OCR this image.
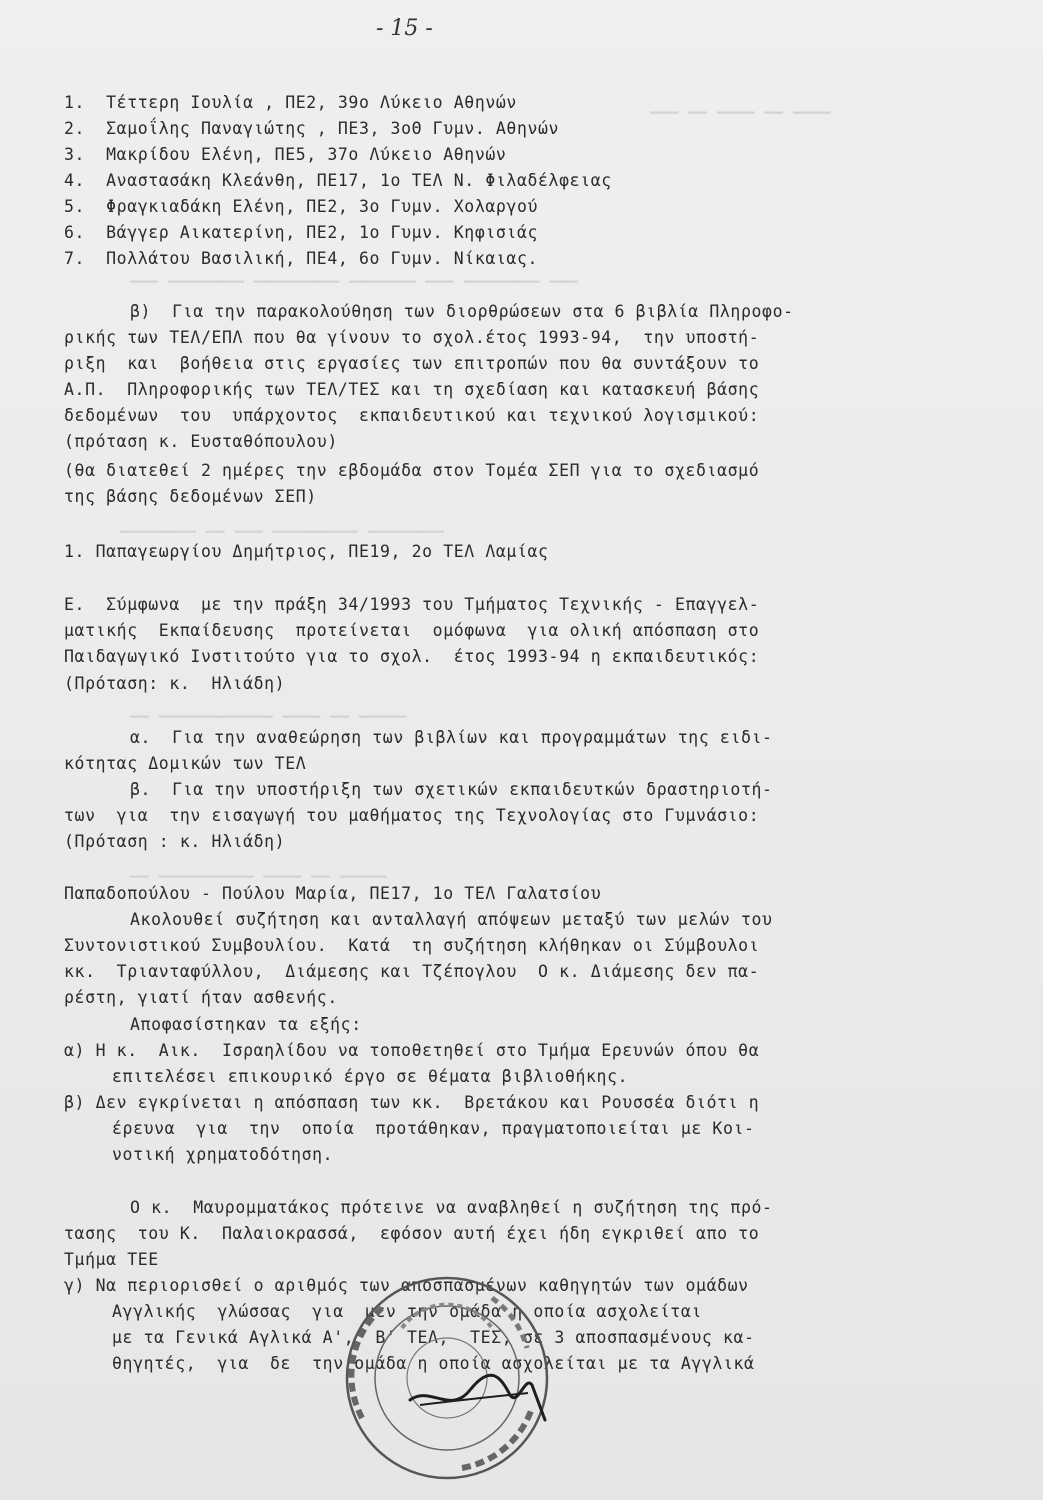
- 15 -
▁▁▁ ▁▁ ▁▁▁▁ ▁▁ ▁▁▁▁
▁▁▁ ▁▁▁▁▁▁▁▁ ▁▁▁▁▁▁▁▁▁ ▁▁▁▁▁▁▁ ▁▁▁ ▁▁▁▁▁▁▁▁ ▁▁▁
▁▁▁▁▁▁▁▁ ▁▁ ▁▁▁ ▁▁▁▁▁▁▁▁▁ ▁▁▁▁▁▁▁▁
▁▁ ▁▁▁▁▁▁▁▁▁▁▁▁ ▁▁▁▁ ▁▁ ▁▁▁▁▁
▁▁ ▁▁▁▁▁▁▁▁▁▁ ▁▁▁▁ ▁▁ ▁▁▁▁▁
1.  Τέττερη Ιουλία , ΠΕ2, 39ο Λύκειο Αθηνών
2.  Σαμοΐλης Παναγιώτης , ΠΕ3, 3οΘ Γυμν. Αθηνών
3.  Μακρίδου Ελένη, ΠΕ5, 37ο Λύκειο Αθηνών
4.  Αναστασάκη Κλεάνθη, ΠΕ17, 1ο ΤΕΛ Ν. Φιλαδέλφειας
5.  Φραγκιαδάκη Ελένη, ΠΕ2, 3ο Γυμν. Χολαργού
6.  Βάγγερ Αικατερίνη, ΠΕ2, 1ο Γυμν. Κηφισιάς
7.  Πολλάτου Βασιλική, ΠΕ4, 6ο Γυμν. Νίκαιας.
β)  Για την παρακολούθηση των διορθρώσεων στα 6 βιβλία Πληροφο-
ρικής των ΤΕΛ/ΕΠΛ που θα γίνουν το σχολ.έτος 1993-94,  την υποστή-
ριξη  και  βοήθεια στις εργασίες των επιτροπών που θα συντάξουν το
Α.Π.  Πληροφορικής των ΤΕΛ/ΤΕΣ και τη σχεδίαση και κατασκευή βάσης
δεδομένων  του  υπάρχοντος  εκπαιδευτικού και τεχνικού λογισμικού:
(πρόταση κ. Ευσταθόπουλου)
(θα διατεθεί 2 ημέρες την εβδομάδα στον Τομέα ΣΕΠ για το σχεδιασμό
της βάσης δεδομένων ΣΕΠ)
1. Παπαγεωργίου Δημήτριος, ΠΕ19, 2ο ΤΕΛ Λαμίας
Ε.  Σύμφωνα  με την πράξη 34/1993 του Τμήματος Τεχνικής - Επαγγελ-
ματικής  Εκπαίδευσης  προτείνεται  ομόφωνα  για ολική απόσπαση στο
Παιδαγωγικό Ινστιτούτο για το σχολ.  έτος 1993-94 η εκπαιδευτικός:
(Πρόταση: κ.  Ηλιάδη)
α.  Για την αναθεώρηση των βιβλίων και προγραμμάτων της ειδι-
κότητας Δομικών των ΤΕΛ
β.  Για την υποστήριξη των σχετικών εκπαιδευτκών δραστηριοτή-
των  για  την εισαγωγή του μαθήματος της Τεχνολογίας στο Γυμνάσιο:
(Πρόταση : κ. Ηλιάδη)
Παπαδοπούλου - Πούλου Μαρία, ΠΕ17, 1ο ΤΕΛ Γαλατσίου
Ακολουθεί συζήτηση και ανταλλαγή απόψεων μεταξύ των μελών του
Συντονιστικού Συμβουλίου.  Κατά  τη συζήτηση κλήθηκαν οι Σύμβουλοι
κκ.  Τριανταφύλλου,  Διάμεσης και Τζέπογλου  Ο κ. Διάμεσης δεν πα-
ρέστη, γιατί ήταν ασθενής.
Αποφασίστηκαν τα εξής:
α) Η κ.  Αικ.  Ισραηλίδου να τοποθετηθεί στο Τμήμα Ερευνών όπου θα
επιτελέσει επικουρικό έργο σε θέματα βιβλιοθήκης.
β) Δεν εγκρίνεται η απόσπαση των κκ.  Βρετάκου και Ρουσσέα διότι η
έρευνα  για  την  οποία  προτάθηκαν, πραγματοποιείται με Κοι-
νοτική χρηματοδότηση.
Ο κ.  Μαυρομματάκος πρότεινε να αναβληθεί η συζήτηση της πρό-
τασης  του Κ.  Παλαιοκρασσά,  εφόσον αυτή έχει ήδη εγκριθεί απο το
Τμήμα ΤΕΕ
γ) Να περιορισθεί ο αριθμός των αποσπασμένων καθηγητών των ομάδων
Αγγλικής  γλώσσας  για  μεν την ομάδα η οποία ασχολείται
με τα Γενικά Αγλικά Α',  Β' ΤΕΛ,  ΤΕΣ, σε 3 αποσπασμένους κα-
θηγητές,  για  δε  την ομάδα η οποία ασχολείται με τα Αγγλικά
